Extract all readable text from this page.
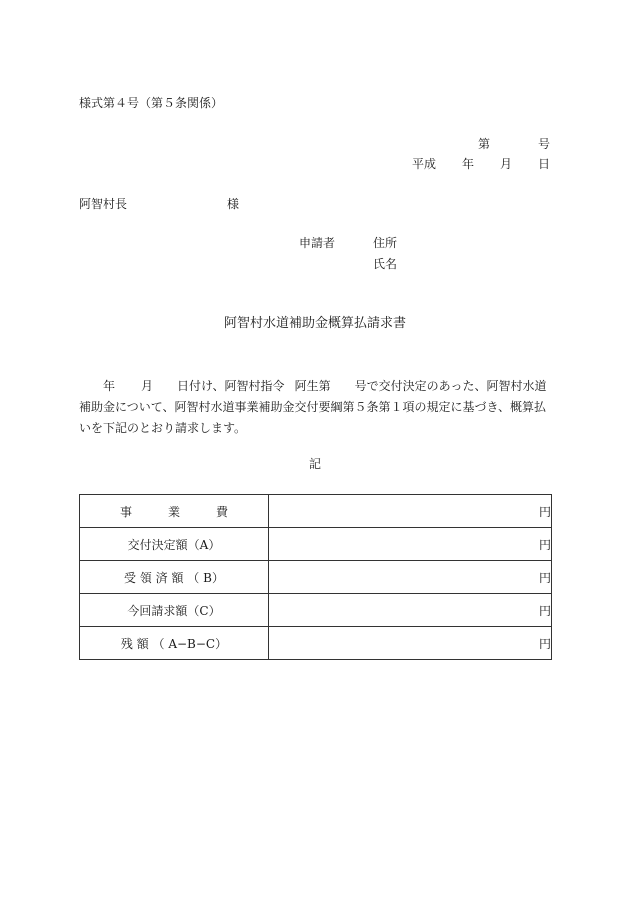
様式第４号（第５条関係）
第	号
平成 年 月 日
阿智村長	様
申請者	住所
氏名
阿智村水道補助金概算払請求書
年 月 日付け、阿智村指令 阿生第 号で交付決定のあった、阿智村水道
補助金について、阿智村水道事業補助金交付要綱第５条第１項の規定に基づき、概算払
いを下記のとおり請求します。
記
事　　　業　　　費	円
交付決定額（A）	円
受 領 済 額 （ B）	円
今回請求額（C）	円
残 額 （ A−B−C）	円
